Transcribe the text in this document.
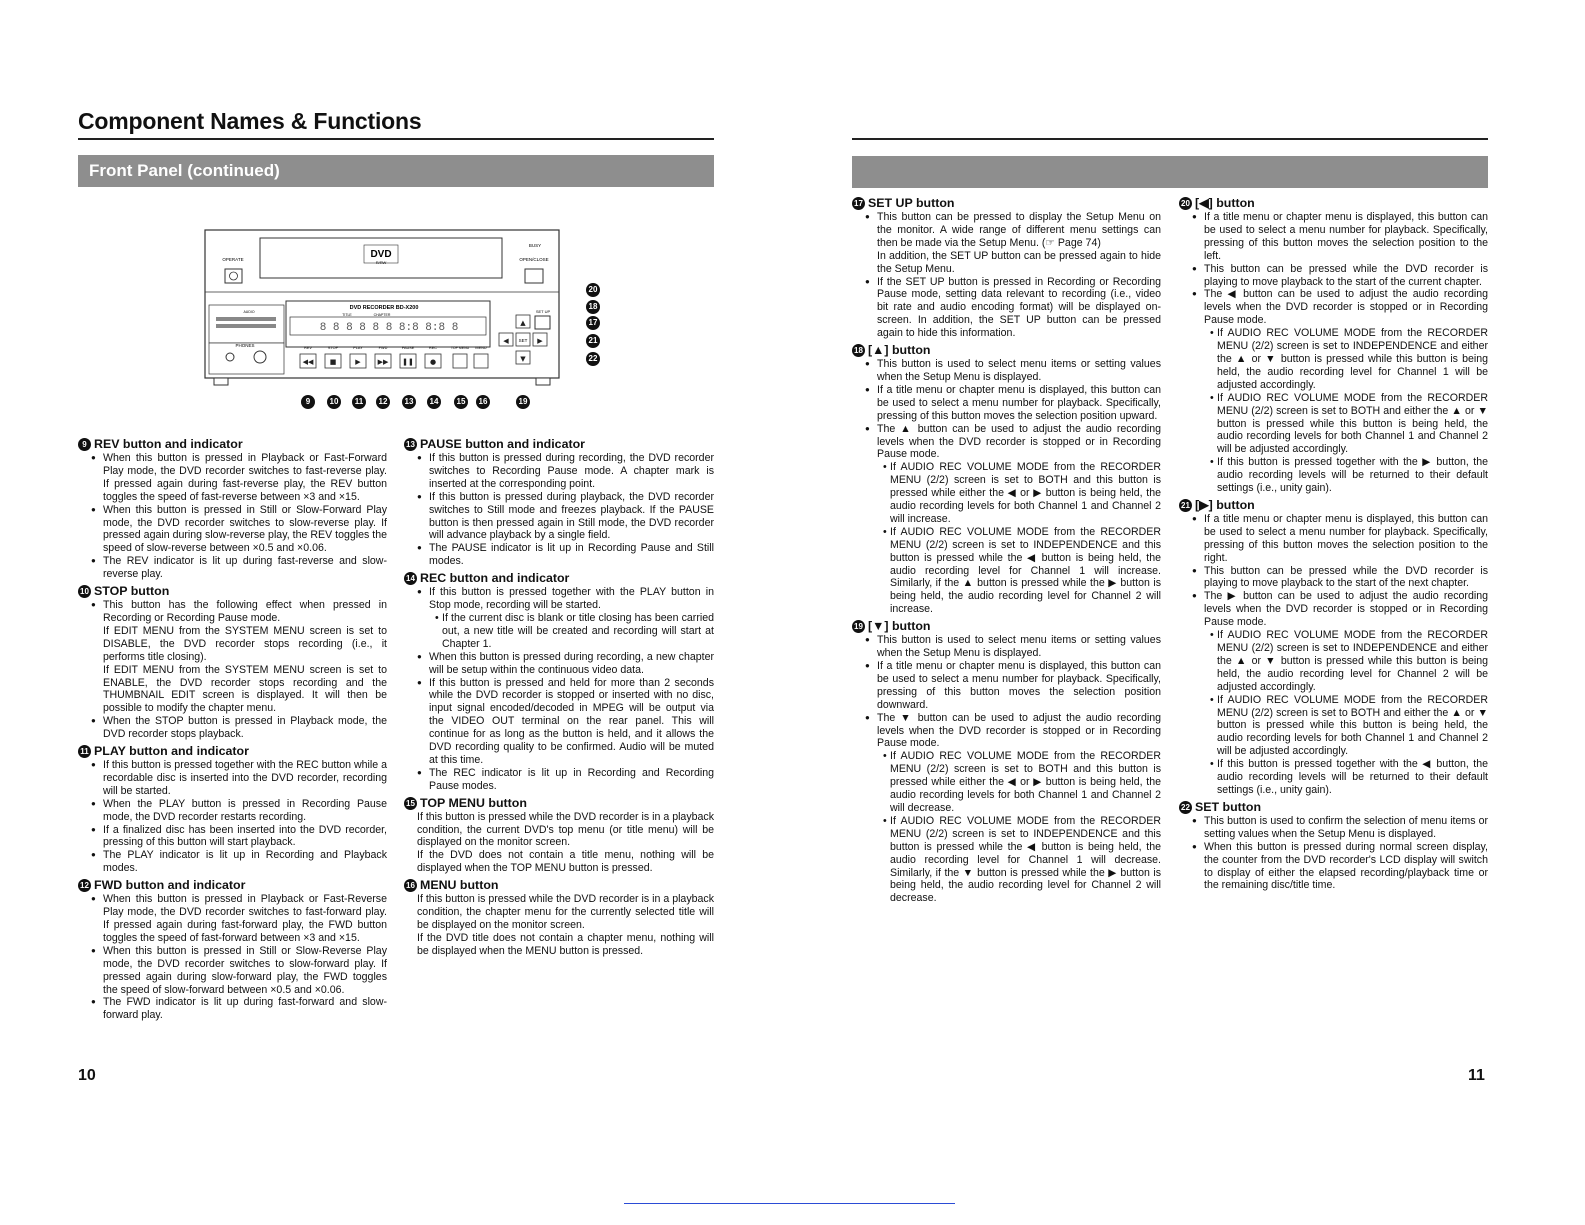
Component Names & Functions
Front Panel (continued)
DVD
R/RW
OPERATE
BUSY
OPEN/CLOSE
DVD RECORDER BD-X200
TITLE	CHAPTER
8 8 8 8 8 8 8:8 8:8 8
AUDIO
PHONES	REV	STOP	PLAY	FWD	PAUSE	REC	TOP MENU MENU
◀◀ ■	▶ ▶▶ ❚❚ ●
SET UP
SET
▲
◀	▶
▼
9	10	11	12	13	14	15	16	19
20
18
17
21
22
9 REV button and indicator
● When this button is pressed in Playback or Fast-Forward Play mode, the DVD recorder switches to fast-reverse play. If pressed again during fast-reverse play, the REV button toggles the speed of fast-reverse between ×3 and ×15.
● When this button is pressed in Still or Slow-Forward Play mode, the DVD recorder switches to slow-reverse play. If pressed again during slow-reverse play, the REV toggles the speed of slow-reverse between ×0.5 and ×0.06.
● The REV indicator is lit up during fast-reverse and slow-reverse play.
10 STOP button
● This button has the following effect when pressed in Recording or Recording Pause mode.
If EDIT MENU from the SYSTEM MENU screen is set to DISABLE, the DVD recorder stops recording (i.e., it performs title closing).
If EDIT MENU from the SYSTEM MENU screen is set to ENABLE, the DVD recorder stops recording and the THUMBNAIL EDIT screen is displayed. It will then be possible to modify the chapter menu.
● When the STOP button is pressed in Playback mode, the DVD recorder stops playback.
11 PLAY button and indicator
● If this button is pressed together with the REC button while a recordable disc is inserted into the DVD recorder, recording will be started.
● When the PLAY button is pressed in Recording Pause mode, the DVD recorder restarts recording.
● If a finalized disc has been inserted into the DVD recorder, pressing of this button will start playback.
● The PLAY indicator is lit up in Recording and Playback modes.
12 FWD button and indicator
● When this button is pressed in Playback or Fast-Reverse Play mode, the DVD recorder switches to fast-forward play. If pressed again during fast-forward play, the FWD button toggles the speed of fast-forward between ×3 and ×15.
● When this button is pressed in Still or Slow-Reverse Play mode, the DVD recorder switches to slow-forward play. If pressed again during slow-forward play, the FWD toggles the speed of slow-forward between ×0.5 and ×0.06.
● The FWD indicator is lit up during fast-forward and slow-forward play.
13 PAUSE button and indicator
● If this button is pressed during recording, the DVD recorder switches to Recording Pause mode. A chapter mark is inserted at the corresponding point.
● If this button is pressed during playback, the DVD recorder switches to Still mode and freezes playback. If the PAUSE button is then pressed again in Still mode, the DVD recorder will advance playback by a single field.
● The PAUSE indicator is lit up in Recording Pause and Still modes.
14 REC button and indicator
● If this button is pressed together with the PLAY button in Stop mode, recording will be started.
• If the current disc is blank or title closing has been carried out, a new title will be created and recording will start at Chapter 1.
● When this button is pressed during recording, a new chapter will be setup within the continuous video data.
● If this button is pressed and held for more than 2 seconds while the DVD recorder is stopped or inserted with no disc, input signal encoded/decoded in MPEG will be output via the VIDEO OUT terminal on the rear panel. This will continue for as long as the button is held, and it allows the DVD recording quality to be confirmed. Audio will be muted at this time.
● The REC indicator is lit up in Recording and Recording Pause modes.
15 TOP MENU button
If this button is pressed while the DVD recorder is in a playback condition, the current DVD's top menu (or title menu) will be displayed on the monitor screen.
If the DVD does not contain a title menu, nothing will be displayed when the TOP MENU button is pressed.
16 MENU button
If this button is pressed while the DVD recorder is in a playback condition, the chapter menu for the currently selected title will be displayed on the monitor screen.
If the DVD title does not contain a chapter menu, nothing will be displayed when the MENU button is pressed.
17 SET UP button
● This button can be pressed to display the Setup Menu on the monitor. A wide range of different menu settings can then be made via the Setup Menu. (☞ Page 74)
In addition, the SET UP button can be pressed again to hide the Setup Menu.
● If the SET UP button is pressed in Recording or Recording Pause mode, setting data relevant to recording (i.e., video bit rate and audio encoding format) will be displayed on-screen. In addition, the SET UP button can be pressed again to hide this information.
18 [▲] button
● This button is used to select menu items or setting values when the Setup Menu is displayed.
● If a title menu or chapter menu is displayed, this button can be used to select a menu number for playback. Specifically, pressing of this button moves the selection position upward.
● The ▲ button can be used to adjust the audio recording levels when the DVD recorder is stopped or in Recording Pause mode.
• If AUDIO REC VOLUME MODE from the RECORDER MENU (2/2) screen is set to BOTH and this button is pressed while either the ◀ or ▶ button is being held, the audio recording levels for both Channel 1 and Channel 2 will increase.
• If AUDIO REC VOLUME MODE from the RECORDER MENU (2/2) screen is set to INDEPENDENCE and this button is pressed while the ◀ button is being held, the audio recording level for Channel 1 will increase. Similarly, if the ▲ button is pressed while the ▶ button is being held, the audio recording level for Channel 2 will increase.
19 [▼] button
● This button is used to select menu items or setting values when the Setup Menu is displayed.
● If a title menu or chapter menu is displayed, this button can be used to select a menu number for playback. Specifically, pressing of this button moves the selection position downward.
● The ▼ button can be used to adjust the audio recording levels when the DVD recorder is stopped or in Recording Pause mode.
• If AUDIO REC VOLUME MODE from the RECORDER MENU (2/2) screen is set to BOTH and this button is pressed while either the ◀ or ▶ button is being held, the audio recording levels for both Channel 1 and Channel 2 will decrease.
• If AUDIO REC VOLUME MODE from the RECORDER MENU (2/2) screen is set to INDEPENDENCE and this button is pressed while the ◀ button is being held, the audio recording level for Channel 1 will decrease. Similarly, if the ▼ button is pressed while the ▶ button is being held, the audio recording level for Channel 2 will decrease.
20 [◀] button
● If a title menu or chapter menu is displayed, this button can be used to select a menu number for playback. Specifically, pressing of this button moves the selection position to the left.
● This button can be pressed while the DVD recorder is playing to move playback to the start of the current chapter.
● The ◀ button can be used to adjust the audio recording levels when the DVD recorder is stopped or in Recording Pause mode.
• If AUDIO REC VOLUME MODE from the RECORDER MENU (2/2) screen is set to INDEPENDENCE and either the ▲ or ▼ button is pressed while this button is being held, the audio recording level for Channel 1 will be adjusted accordingly.
• If AUDIO REC VOLUME MODE from the RECORDER MENU (2/2) screen is set to BOTH and either the ▲ or ▼ button is pressed while this button is being held, the audio recording levels for both Channel 1 and Channel 2 will be adjusted accordingly.
• If this button is pressed together with the ▶ button, the audio recording levels will be returned to their default settings (i.e., unity gain).
21 [▶] button
● If a title menu or chapter menu is displayed, this button can be used to select a menu number for playback. Specifically, pressing of this button moves the selection position to the right.
● This button can be pressed while the DVD recorder is playing to move playback to the start of the next chapter.
● The ▶ button can be used to adjust the audio recording levels when the DVD recorder is stopped or in Recording Pause mode.
• If AUDIO REC VOLUME MODE from the RECORDER MENU (2/2) screen is set to INDEPENDENCE and either the ▲ or ▼ button is pressed while this button is being held, the audio recording level for Channel 2 will be adjusted accordingly.
• If AUDIO REC VOLUME MODE from the RECORDER MENU (2/2) screen is set to BOTH and either the ▲ or ▼ button is pressed while this button is being held, the audio recording levels for both Channel 1 and Channel 2 will be adjusted accordingly.
• If this button is pressed together with the ◀ button, the audio recording levels will be returned to their default settings (i.e., unity gain).
22 SET button
● This button is used to confirm the selection of menu items or setting values when the Setup Menu is displayed.
● When this button is pressed during normal screen display, the counter from the DVD recorder's LCD display will switch to display of either the elapsed recording/playback time or the remaining disc/title time.
10	11
